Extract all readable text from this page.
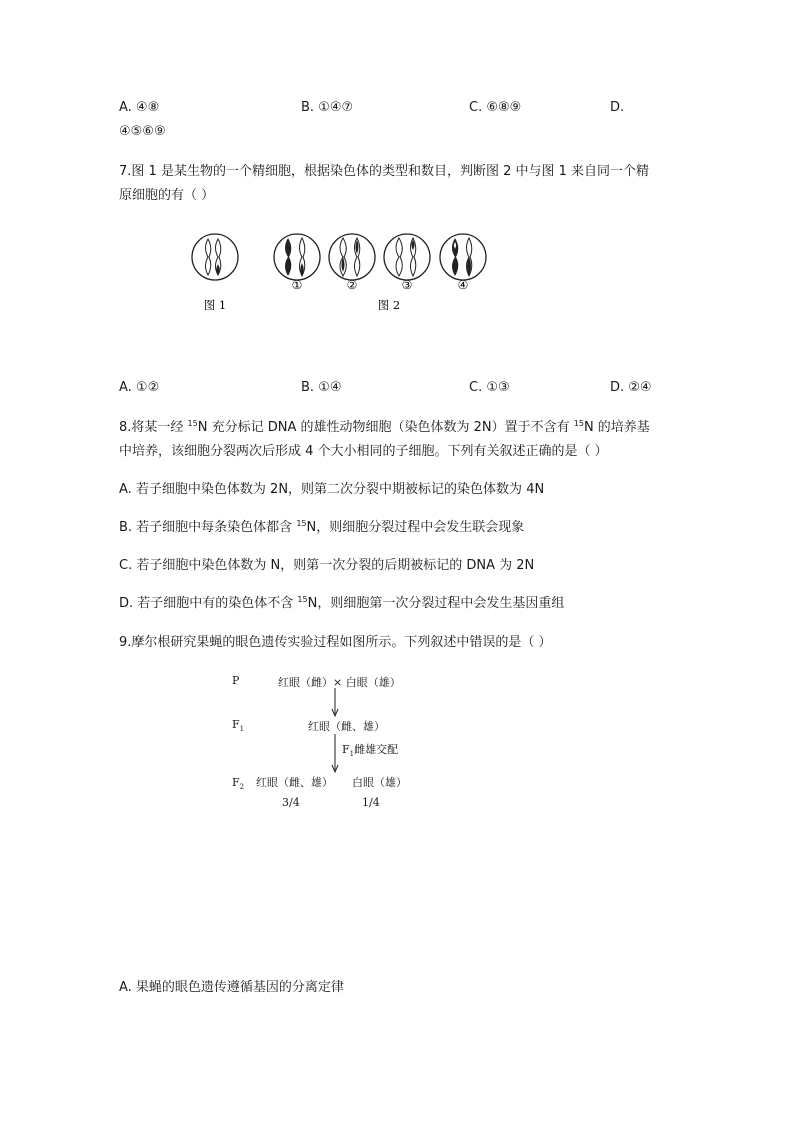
A. ④⑧	B. ①④⑦	C. ⑥⑧⑨	D.
④⑤⑥⑨
7.图 1 是某生物的一个精细胞，根据染色体的类型和数目，判断图 2 中与图 1 来自同一个精
原细胞的有（ ）
①	②	③	④
图 1	图 2
A. ①②	B. ①④	C. ①③	D. ②④
8.将某一经 $^{15}$N 充分标记 DNA 的雄性动物细胞（染色体数为 2N）置于不含有 $^{15}$N 的培养基
中培养，该细胞分裂两次后形成 4 个大小相同的子细胞。下列有关叙述正确的是（ ）
A. 若子细胞中染色体数为 2N，则第二次分裂中期被标记的染色体数为 4N
B. 若子细胞中每条染色体都含 $^{15}$N，则细胞分裂过程中会发生联会现象
C. 若子细胞中染色体数为 N，则第一次分裂的后期被标记的 DNA 为 2N
D. 若子细胞中有的染色体不含 $^{15}$N，则细胞第一次分裂过程中会发生基因重组
9.摩尔根研究果蝇的眼色遗传实验过程如图所示。下列叙述中错误的是（ ）
P	红眼（雌）× 白眼（雄）
$F_1$	红眼（雌、雄）
$F_1$雌雄交配
$F_2$ 红眼（雌、雄） 白眼（雄）
3/4	1/4
A. 果蝇的眼色遗传遵循基因的分离定律
